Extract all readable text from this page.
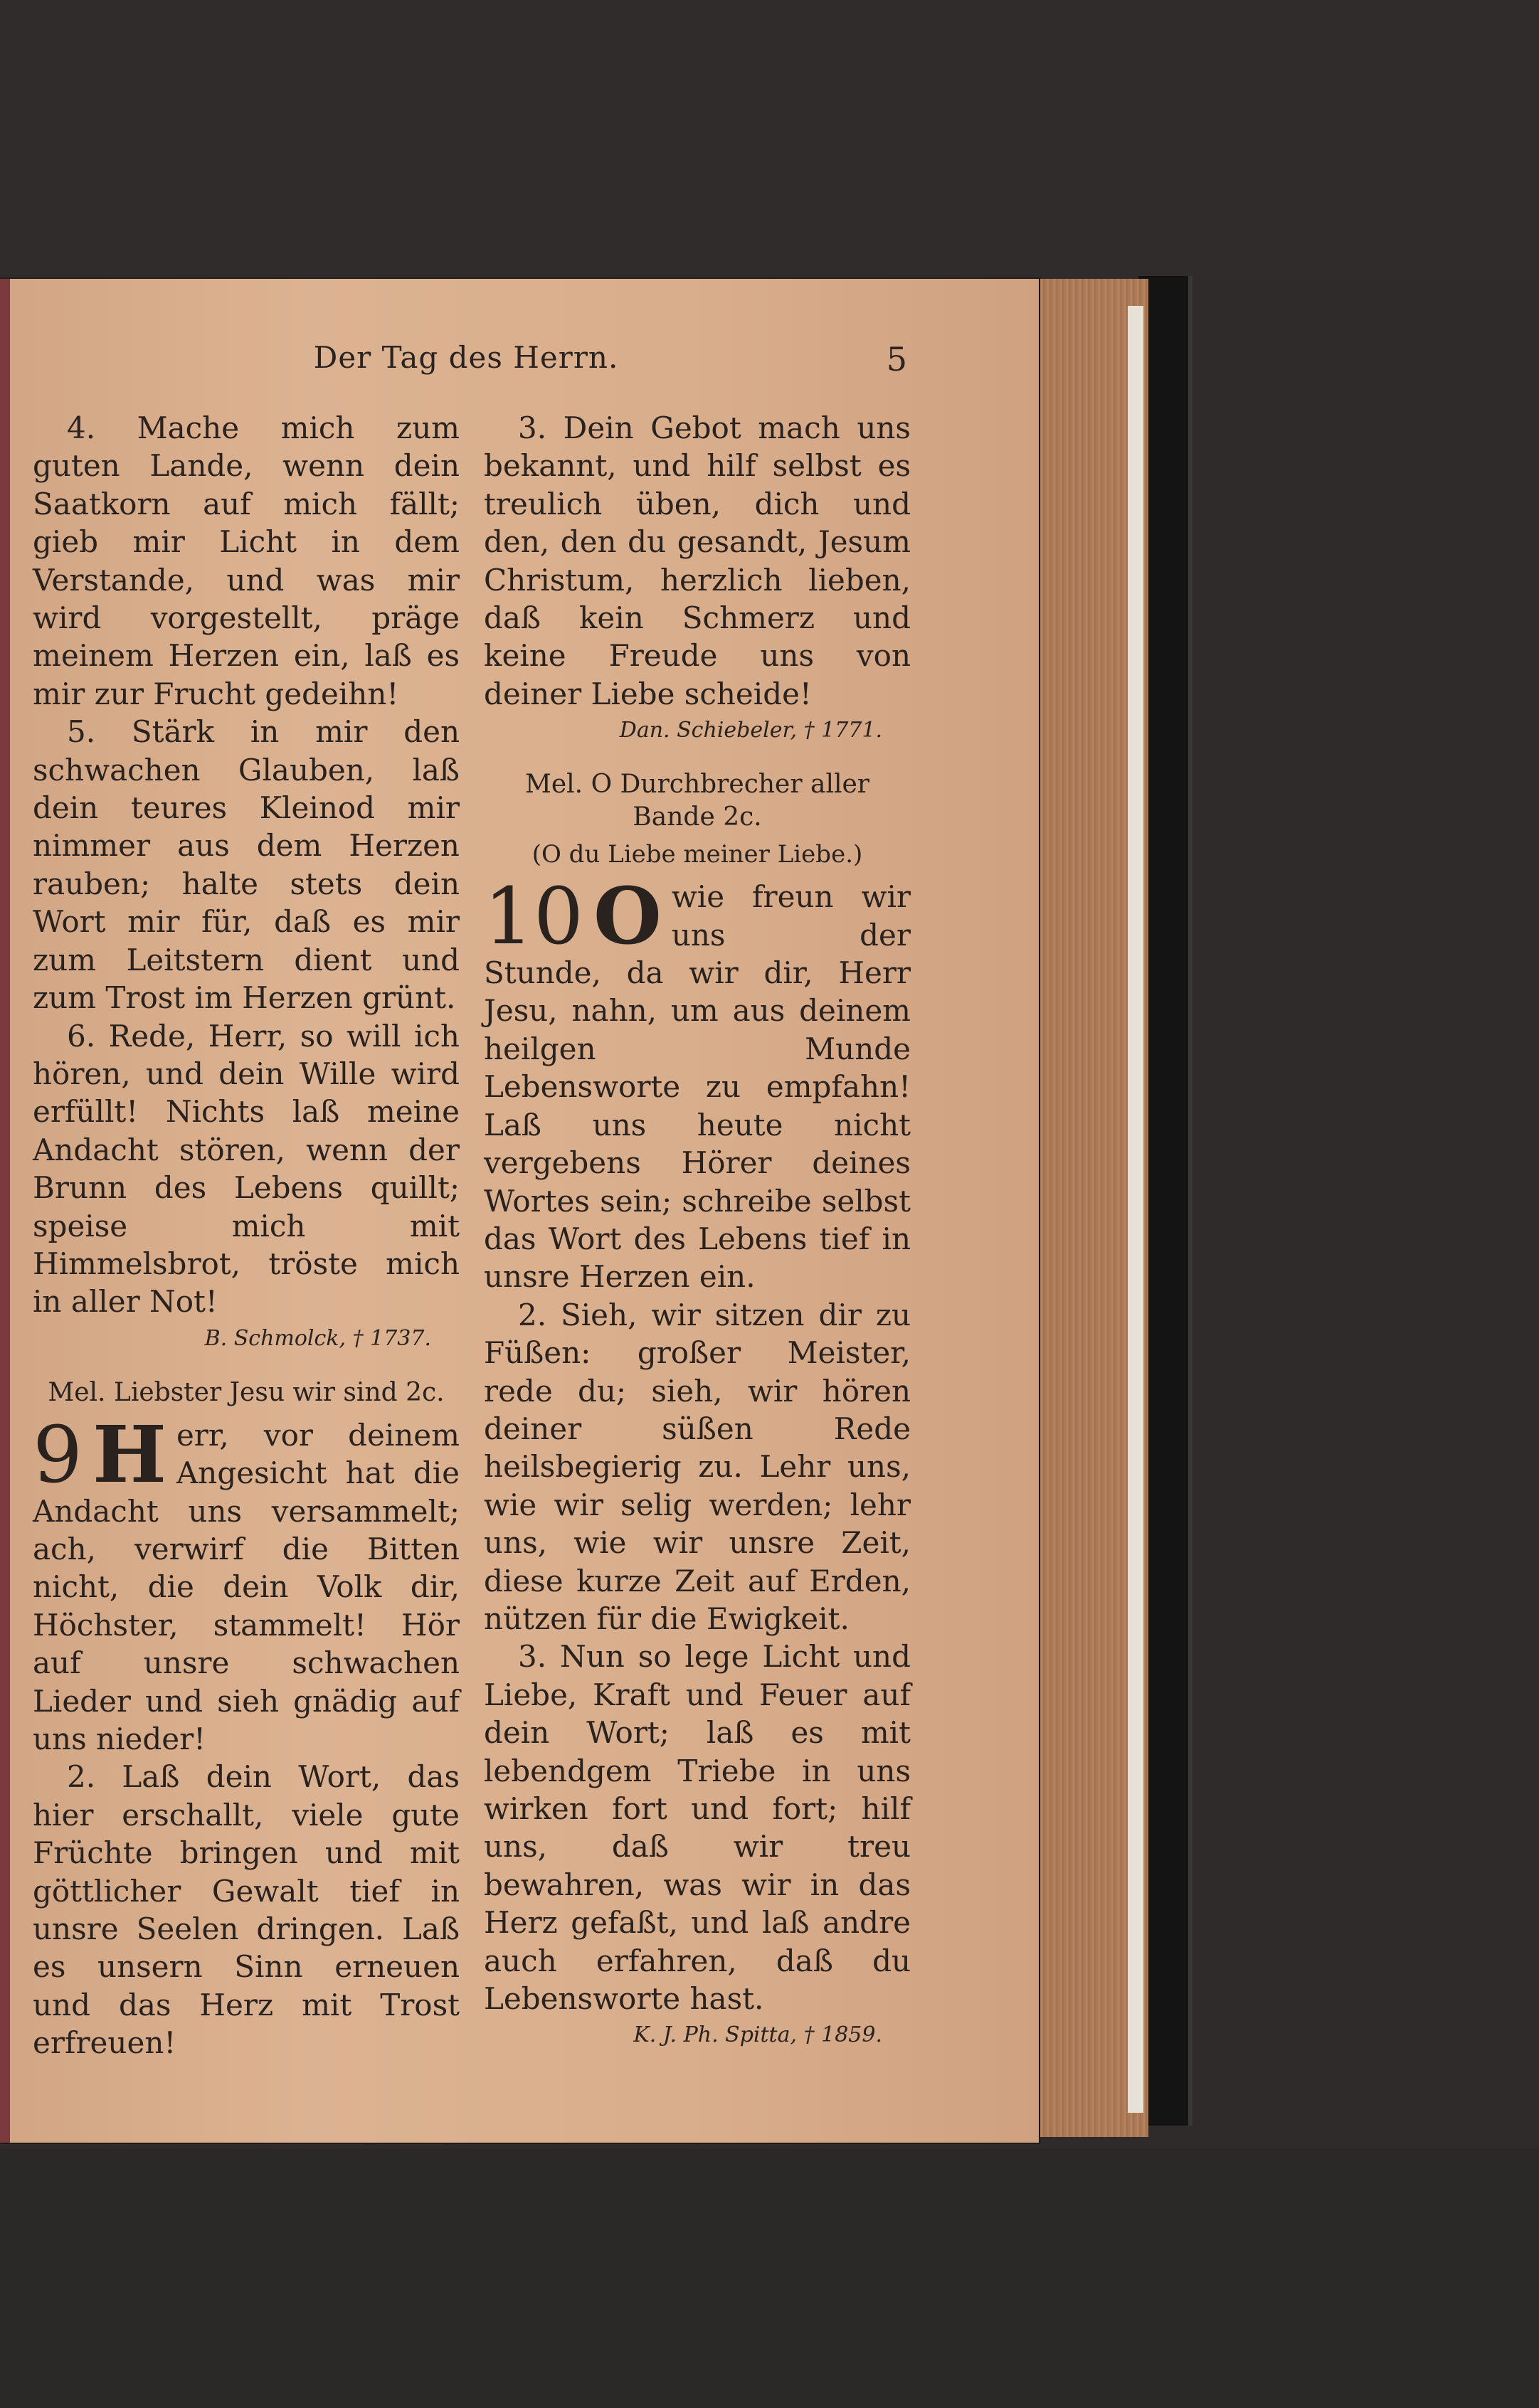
Der Tag des Herrn.	5

4. Mache mich zum guten Lande, wenn dein Saatkorn auf mich fällt; gieb mir Licht in dem Verstande, und was mir wird vorgestellt, präge meinem Herzen ein, laß es mir zur Frucht gedeihn!

5. Stärk in mir den schwachen Glauben, laß dein teures Kleinod mir nimmer aus dem Herzen rauben; halte stets dein Wort mir für, daß es mir zum Leitstern dient und zum Trost im Herzen grünt.

6. Rede, Herr, so will ich hören, und dein Wille wird erfüllt! Nichts laß meine Andacht stören, wenn der Brunn des Lebens quillt; speise mich mit Himmelsbrot, tröste mich in aller Not!

B. Schmolck, † 1737.

Mel. Liebster Jesu wir sind 2c.

9 H err, vor deinem Angesicht hat die Andacht uns versammelt; ach, verwirf die Bitten nicht, die dein Volk dir, Höchster, stammelt! Hör auf unsre schwachen Lieder und sieh gnädig auf uns nieder!

2. Laß dein Wort, das hier erschallt, viele gute Früchte bringen und mit göttlicher Gewalt tief in unsre Seelen dringen. Laß es unsern Sinn erneuen und das Herz mit Trost erfreuen!

3. Dein Gebot mach uns bekannt, und hilf selbst es treulich üben, dich und den, den du gesandt, Jesum Christum, herzlich lieben, daß kein Schmerz und keine Freude uns von deiner Liebe scheide!

Dan. Schiebeler, † 1771.

Mel. O Durchbrecher aller Bande 2c.

(O du Liebe meiner Liebe.)

10 O wie freun wir uns der Stunde, da wir dir, Herr Jesu, nahn, um aus deinem heilgen Munde Lebensworte zu empfahn! Laß uns heute nicht vergebens Hörer deines Wortes sein; schreibe selbst das Wort des Lebens tief in unsre Herzen ein.

2. Sieh, wir sitzen dir zu Füßen: großer Meister, rede du; sieh, wir hören deiner süßen Rede heilsbegierig zu. Lehr uns, wie wir selig werden; lehr uns, wie wir unsre Zeit, diese kurze Zeit auf Erden, nützen für die Ewigkeit.

3. Nun so lege Licht und Liebe, Kraft und Feuer auf dein Wort; laß es mit lebendgem Triebe in uns wirken fort und fort; hilf uns, daß wir treu bewahren, was wir in das Herz gefaßt, und laß andre auch erfahren, daß du Lebensworte hast.

K. J. Ph. Spitta, † 1859.
